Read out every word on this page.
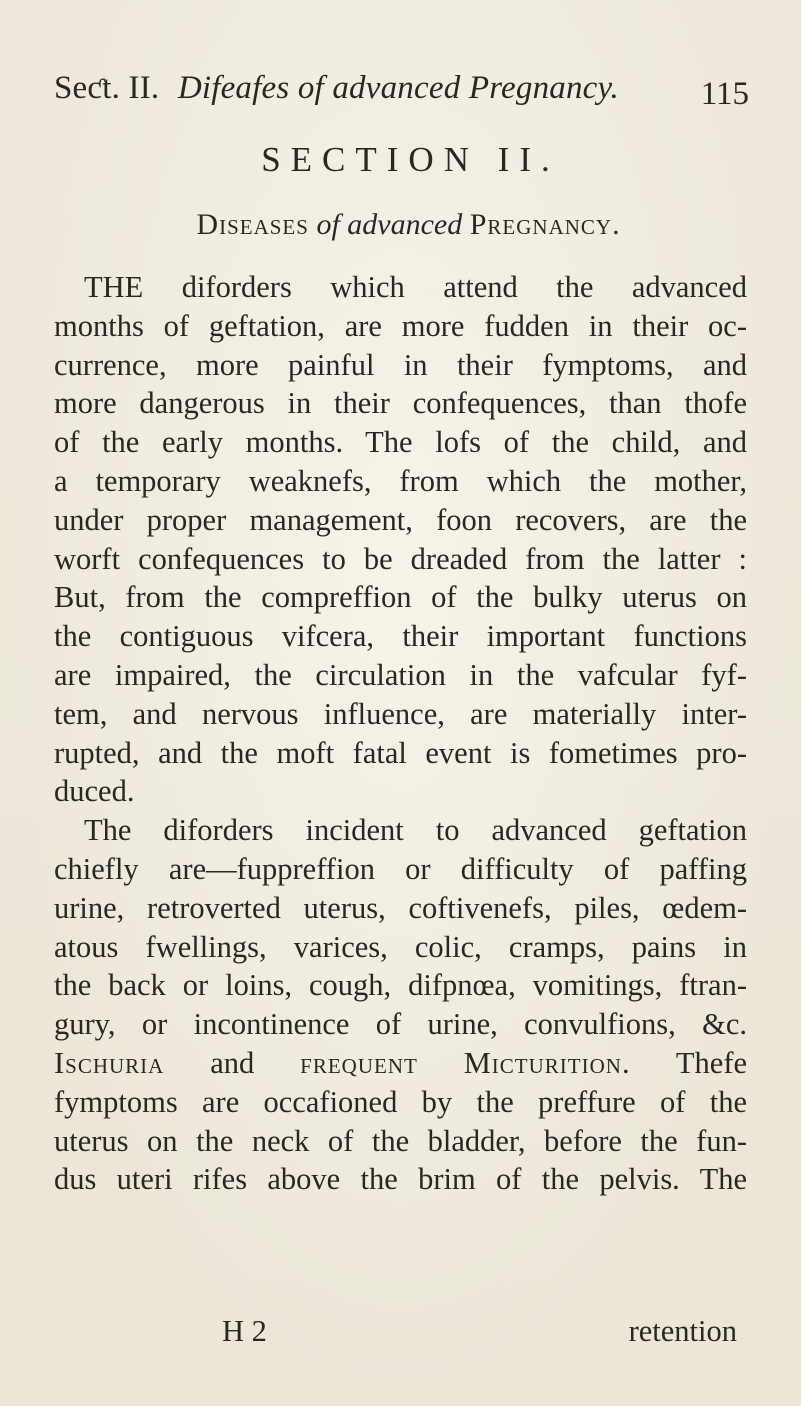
Seƈt. II. Difeafes of advanced Pregnancy. 115
SECTION II.
Diseases of advanced Pregnancy.
THE diforders which attend the advanced
months of geftation, are more fudden in their oc-
currence, more painful in their fymptoms, and
more dangerous in their confequences, than thofe
of the early months. The lofs of the child, and
a temporary weaknefs, from which the mother,
under proper management, foon recovers, are the
worft confequences to be dreaded from the latter :
But, from the compreffion of the bulky uterus on
the contiguous vifcera, their important functions
are impaired, the circulation in the vafcular fyf-
tem, and nervous influence, are materially inter-
rupted, and the moft fatal event is fometimes pro-
duced.
The diforders incident to advanced geftation
chiefly are—fuppreffion or difficulty of paffing
urine, retroverted uterus, coftivenefs, piles, œdem-
atous fwellings, varices, colic, cramps, pains in
the back or loins, cough, difpnœa, vomitings, ftran-
gury, or incontinence of urine, convulfions, &c.
Ischuria and frequent Micturition. Thefe
fymptoms are occafioned by the preffure of the
uterus on the neck of the bladder, before the fun-
dus uteri rifes above the brim of the pelvis. The
H 2	retention
